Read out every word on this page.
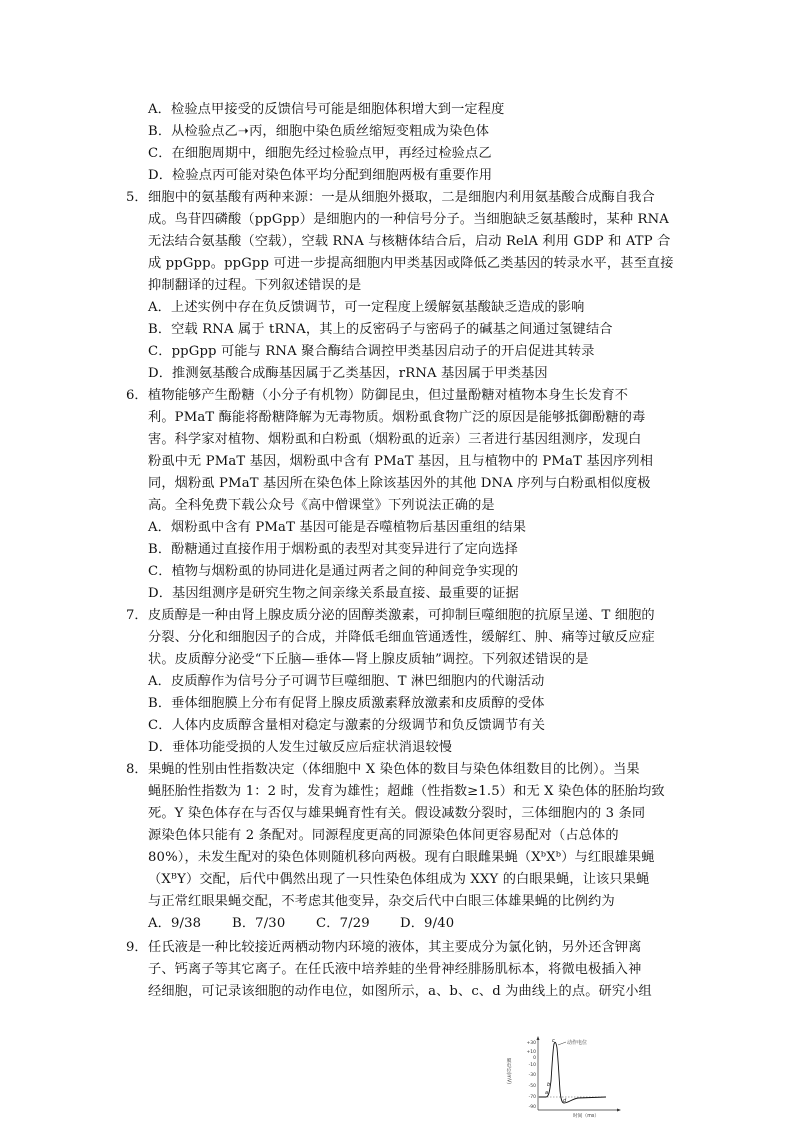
A．检验点甲接受的反馈信号可能是细胞体积增大到一定程度
B．从检验点乙➝丙，细胞中染色质丝缩短变粗成为染色体
C．在细胞周期中，细胞先经过检验点甲，再经过检验点乙
D．检验点丙可能对染色体平均分配到细胞两极有重要作用
5． 细胞中的氨基酸有两种来源：一是从细胞外摄取，二是细胞内利用氨基酸合成酶自我合
成。鸟苷四磷酸（ppGpp）是细胞内的一种信号分子。当细胞缺乏氨基酸时，某种 RNA
无法结合氨基酸（空载），空载 RNA 与核糖体结合后，启动 RelA 利用 GDP 和 ATP 合
成 ppGpp。ppGpp 可进一步提高细胞内甲类基因或降低乙类基因的转录水平，甚至直接
抑制翻译的过程。下列叙述错误的是
A．上述实例中存在负反馈调节，可一定程度上缓解氨基酸缺乏造成的影响
B．空载 RNA 属于 tRNA，其上的反密码子与密码子的碱基之间通过氢键结合
C．ppGpp 可能与 RNA 聚合酶结合调控甲类基因启动子的开启促进其转录
D．推测氨基酸合成酶基因属于乙类基因，rRNA 基因属于甲类基因
6． 植物能够产生酚糖（小分子有机物）防御昆虫，但过量酚糖对植物本身生长发育不
利。PMaT 酶能将酚糖降解为无毒物质。烟粉虱食物广泛的原因是能够抵御酚糖的毒
害。科学家对植物、烟粉虱和白粉虱（烟粉虱的近亲）三者进行基因组测序，发现白
粉虱中无 PMaT 基因，烟粉虱中含有 PMaT 基因，且与植物中的 PMaT 基因序列相
同，烟粉虱 PMaT 基因所在染色体上除该基因外的其他 DNA 序列与白粉虱相似度极
高。全科免费下载公众号《高中僧课堂》下列说法正确的是
A．烟粉虱中含有 PMaT 基因可能是吞噬植物后基因重组的结果
B．酚糖通过直接作用于烟粉虱的表型对其变异进行了定向选择
C．植物与烟粉虱的协同进化是通过两者之间的种间竞争实现的
D．基因组测序是研究生物之间亲缘关系最直接、最重要的证据
7． 皮质醇是一种由肾上腺皮质分泌的固醇类激素，可抑制巨噬细胞的抗原呈递、T 细胞的
分裂、分化和细胞因子的合成，并降低毛细血管通透性，缓解红、肿、痛等过敏反应症
状。皮质醇分泌受“下丘脑—垂体—肾上腺皮质轴”调控。下列叙述错误的是
A．皮质醇作为信号分子可调节巨噬细胞、T 淋巴细胞内的代谢活动
B．垂体细胞膜上分布有促肾上腺皮质激素释放激素和皮质醇的受体
C．人体内皮质醇含量相对稳定与激素的分级调节和负反馈调节有关
D．垂体功能受损的人发生过敏反应后症状消退较慢
8． 果蝇的性别由性指数决定（体细胞中 X 染色体的数目与染色体组数目的比例）。当果
蝇胚胎性指数为 1：2 时，发育为雄性；超雌（性指数≥1.5）和无 X 染色体的胚胎均致
死。Y 染色体存在与否仅与雄果蝇育性有关。假设减数分裂时，三体细胞内的 3 条同
源染色体只能有 2 条配对。同源程度更高的同源染色体间更容易配对（占总体的
80%），未发生配对的染色体则随机移向两极。现有白眼雌果蝇（XᵇXᵇ）与红眼雄果蝇
（XᴮY）交配，后代中偶然出现了一只性染色体组成为 XXY 的白眼果蝇，让该只果蝇
与正常红眼果蝇交配，不考虑其他变异，杂交后代中白眼三体雄果蝇的比例约为
A．9/38 B．7/30 C．7/29 D．9/40
9． 任氏液是一种比较接近两栖动物内环境的液体，其主要成分为氯化钠，另外还含钾离
子、钙离子等其它离子。在任氏液中培养蛙的坐骨神经腓肠肌标本，将微电极插入神
经细胞，可记录该细胞的动作电位，如图所示，a、b、c、d 为曲线上的点。研究小组
+30
+10
0
-10
-30
-50
-70
-90
膜电位(mV)
a
b
c
d
动作电位
时间（ms）
